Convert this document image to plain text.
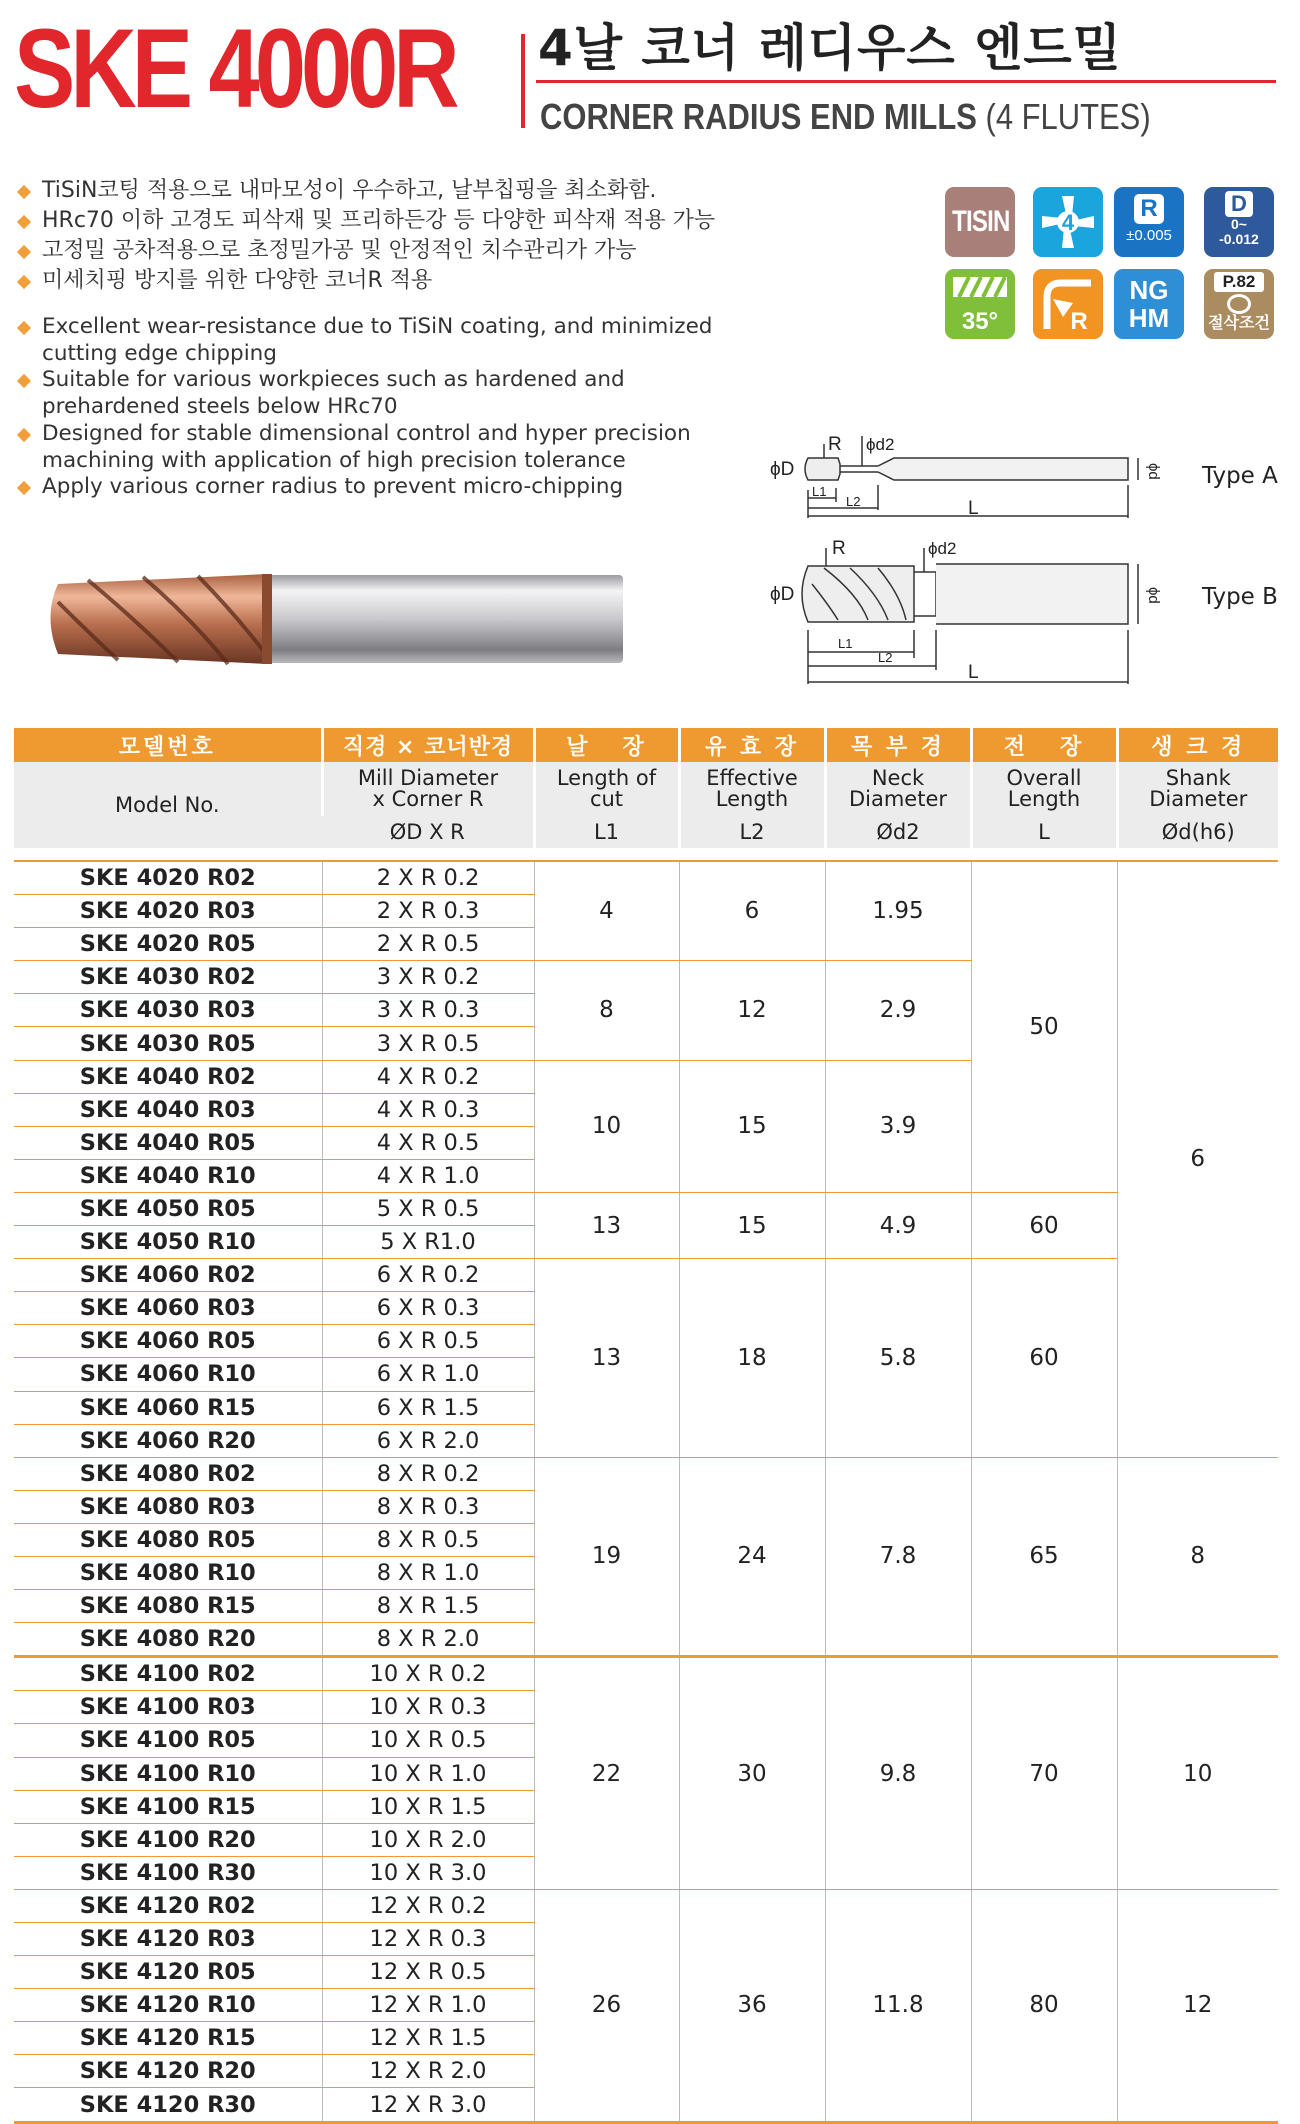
SKE 4000R 4날 코너 레디우스 엔드밀
CORNER RADIUS END MILLS (4 FLUTES)
TiSiN코팅 적용으로 내마모성이 우수하고, 날부칩핑을 최소화함.
HRc70 이하 고경도 피삭재 및 프리하든강 등 다양한 피삭재 적용 가능
고정밀 공차적용으로 초정밀가공 및 안정적인 치수관리가 가능
미세치핑 방지를 위한 다양한 코너R 적용
Excellent wear-resistance due to TiSiN coating, and minimized cutting edge chipping
Suitable for various workpieces such as hardened and prehardened steels below HRc70
Designed for stable dimensional control and hyper precision machining with application of high precision tolerance
Apply various corner radius to prevent micro-chipping
TISIN 4
R
±0.005
D
0~
-0.012
35°	R
NG
HM
P.82
절삭조건
ϕD
R ϕd2
L1
L2	L
ϕd Type A
ϕD
R	ϕd2
L1
L2
L
ϕd Type B
모델번호	직경 × 코너반경	날   장	유 효 장	목 부 경	전   장	생 크 경
Model No.	Mill Diameter x Corner R	Length of cut	Effective Length	Neck Diameter	Overall Length	Shank Diameter

	ØD X R	L1	L2	Ød2	L	Ød(h6)

SKE 4020 R02	2 X R 0.2	4	6	1.95	50	6
SKE 4020 R03	2 X R 0.3					
SKE 4020 R05	2 X R 0.5					
SKE 4030 R02	3 X R 0.2	8	12	2.9		
SKE 4030 R03	3 X R 0.3					
SKE 4030 R05	3 X R 0.5					
SKE 4040 R02	4 X R 0.2	10	15	3.9		
SKE 4040 R03	4 X R 0.3					
SKE 4040 R05	4 X R 0.5					
SKE 4040 R10	4 X R 1.0					
SKE 4050 R05	5 X R 0.5	13	15	4.9	60	
SKE 4050 R10	5 X R1.0					
SKE 4060 R02	6 X R 0.2	13	18	5.8	60	
SKE 4060 R03	6 X R 0.3					
SKE 4060 R05	6 X R 0.5					
SKE 4060 R10	6 X R 1.0					
SKE 4060 R15	6 X R 1.5					
SKE 4060 R20	6 X R 2.0					
SKE 4080 R02	8 X R 0.2	19	24	7.8	65	8
SKE 4080 R03	8 X R 0.3					
SKE 4080 R05	8 X R 0.5					
SKE 4080 R10	8 X R 1.0					
SKE 4080 R15	8 X R 1.5					
SKE 4080 R20	8 X R 2.0					
SKE 4100 R02	10 X R 0.2	22	30	9.8	70	10
SKE 4100 R03	10 X R 0.3					
SKE 4100 R05	10 X R 0.5					
SKE 4100 R10	10 X R 1.0					
SKE 4100 R15	10 X R 1.5					
SKE 4100 R20	10 X R 2.0					
SKE 4100 R30	10 X R 3.0					
SKE 4120 R02	12 X R 0.2	26	36	11.8	80	12
SKE 4120 R03	12 X R 0.3					
SKE 4120 R05	12 X R 0.5					
SKE 4120 R10	12 X R 1.0					
SKE 4120 R15	12 X R 1.5					
SKE 4120 R20	12 X R 2.0					
SKE 4120 R30	12 X R 3.0					
